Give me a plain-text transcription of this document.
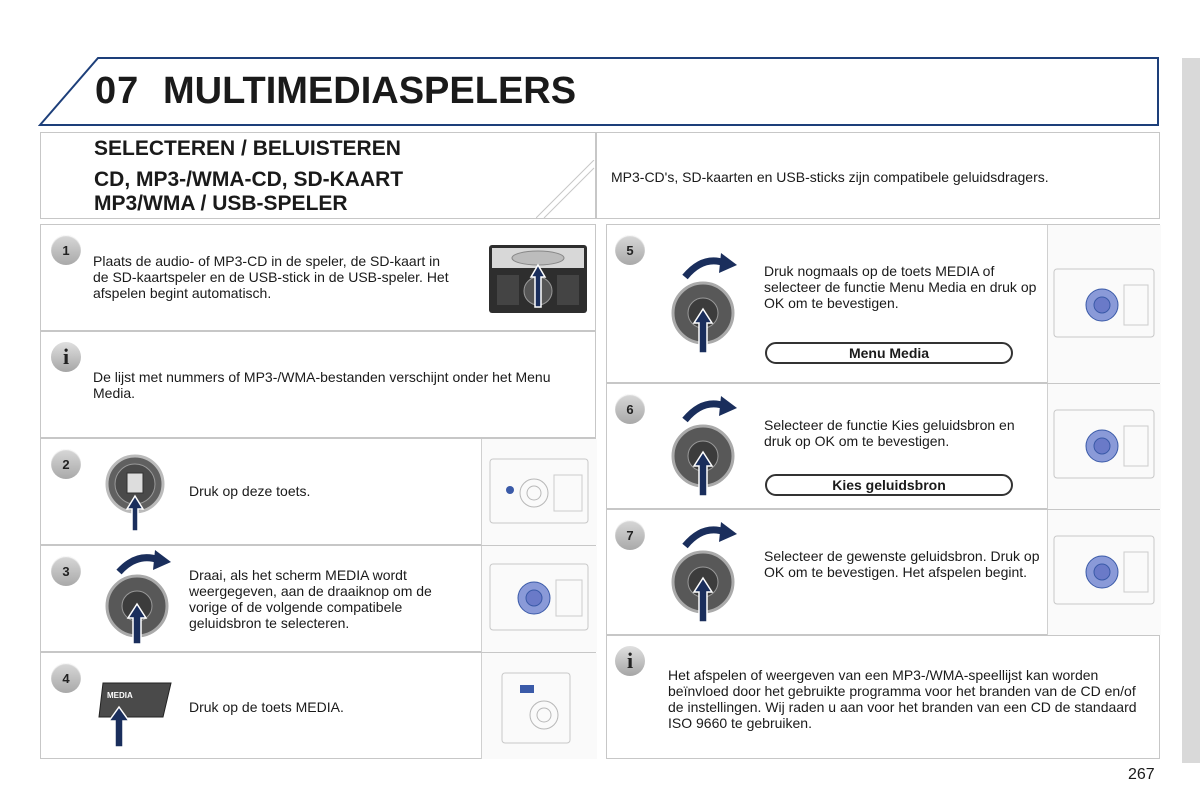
07 MULTIMEDIASPELERS
SELECTEREN / BELUISTEREN
CD, MP3-/WMA-CD, SD-KAART
MP3/WMA / USB-SPELER
MP3-CD's, SD-kaarten en USB-sticks zijn compatibele geluidsdragers.
1
Plaats de audio- of MP3-CD in de speler, de SD-kaart in de SD-kaartspeler en de USB-stick in de USB-speler. Het afspelen begint automatisch.
i
De lijst met nummers of MP3-/WMA-bestanden verschijnt onder het Menu Media.
2
Druk op deze toets.
3	Draai, als het scherm MEDIA wordt weergegeven, aan de draaiknop om de vorige of de volgende compatibele geluidsbron te selecteren.
4
MEDIA
Druk op de toets MEDIA.
5
Druk nogmaals op de toets MEDIA of selecteer de functie Menu Media en druk op OK om te bevestigen.
Menu Media
6
Selecteer de functie Kies geluidsbron en druk op OK om te bevestigen.
Kies geluidsbron
7
Selecteer de gewenste geluidsbron. Druk op OK om te bevestigen. Het afspelen begint.
i
Het afspelen of weergeven van een MP3-/WMA-speellijst kan worden beïnvloed door het gebruikte programma voor het branden van de CD en/of de instellingen. Wij raden u aan voor het branden van een CD de standaard ISO 9660 te gebruiken.
267
